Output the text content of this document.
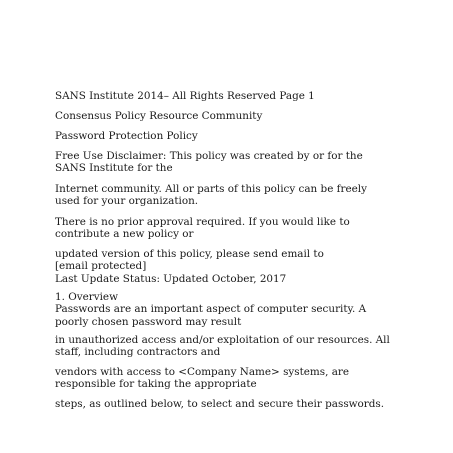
SANS Institute 2014– All Rights Reserved Page 1

Consensus Policy Resource Community

Password Protection Policy

Free Use Disclaimer: This policy was created by or for the
SANS Institute for the

Internet community. All or parts of this policy can be freely
used for your organization.

There is no prior approval required. If you would like to
contribute a new policy or

updated version of this policy, please send email to
[email protected]
Last Update Status: Updated October, 2017

1. Overview
Passwords are an important aspect of computer security. A
poorly chosen password may result

in unauthorized access and/or exploitation of our resources. All
staff, including contractors and

vendors with access to <Company Name> systems, are
responsible for taking the appropriate

steps, as outlined below, to select and secure their passwords.
